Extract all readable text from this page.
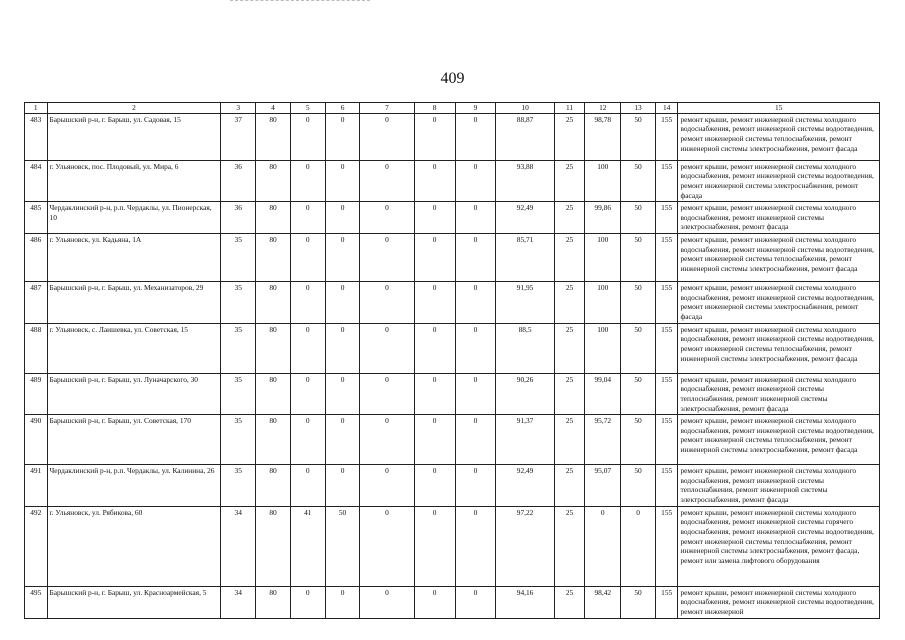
409
1	2	3	4	5	6	7	8	9	10	11	12	13	14	15
483	Барышский р-н, г. Барыш, ул. Садовая, 15	37	80	0	0	0	0	0	88,87	25	98,78	50	155	ремонт крыши, ремонт инженерной системы холодного водоснабжения, ремонт инженерной системы водоотведения, ремонт инженерной системы теплоснабжения, ремонт инженерной системы электроснабжения, ремонт фасада
484	г. Ульяновск, пос. Плодовый, ул. Мира, 6	36	80	0	0	0	0	0	93,88	25	100	50	155	ремонт крыши, ремонт инженерной системы холодного водоснабжения, ремонт инженерной системы водоотведения, ремонт инженерной системы электроснабжения, ремонт фасада
485	Чердаклинский р-н, р.п. Чердаклы, ул. Пионерская, 10	36	80	0	0	0	0	0	92,49	25	99,86	50	155	ремонт крыши, ремонт инженерной системы холодного водоснабжения, ремонт инженерной системы электроснабжения, ремонт фасада
486	г. Ульяновск, ул. Кадьяна, 1А	35	80	0	0	0	0	0	85,71	25	100	50	155	ремонт крыши, ремонт инженерной системы холодного водоснабжения, ремонт инженерной системы водоотведения, ремонт инженерной системы теплоснабжения, ремонт инженерной системы электроснабжения, ремонт фасада
487	Барышский р-н, г. Барыш, ул. Механизаторов, 29	35	80	0	0	0	0	0	91,95	25	100	50	155	ремонт крыши, ремонт инженерной системы холодного водоснабжения, ремонт инженерной системы водоотведения, ремонт инженерной системы электроснабжения, ремонт фасада
488	г. Ульяновск, с. Лаишевка, ул. Советская, 15	35	80	0	0	0	0	0	88,5	25	100	50	155	ремонт крыши, ремонт инженерной системы холодного водоснабжения, ремонт инженерной системы водоотведения, ремонт инженерной системы теплоснабжения, ремонт инженерной системы электроснабжения, ремонт фасада
489	Барышский р-н, г. Барыш, ул. Луначарского, 30	35	80	0	0	0	0	0	90,26	25	99,04	50	155	ремонт крыши, ремонт инженерной системы холодного водоснабжения, ремонт инженерной системы теплоснабжения, ремонт инженерной системы электроснабжения, ремонт фасада
490	Барышский р-н, г. Барыш, ул. Советская, 170	35	80	0	0	0	0	0	91,37	25	95,72	50	155	ремонт крыши, ремонт инженерной системы холодного водоснабжения, ремонт инженерной системы водоотведения, ремонт инженерной системы теплоснабжения, ремонт инженерной системы электроснабжения, ремонт фасада
491	Чердаклинский р-н, р.п. Чердаклы, ул. Калинина, 26	35	80	0	0	0	0	0	92,49	25	95,07	50	155	ремонт крыши, ремонт инженерной системы холодного водоснабжения, ремонт инженерной системы теплоснабжения, ремонт инженерной системы электроснабжения, ремонт фасада
492	г. Ульяновск, ул. Рябикова, 60	34	80	41	50	0	0	0	97,22	25	0	0	155	ремонт крыши, ремонт инженерной системы холодного водоснабжения, ремонт инженерной системы горячего водоснабжения, ремонт инженерной системы водоотведения, ремонт инженерной системы теплоснабжения, ремонт инженерной системы электроснабжения, ремонт фасада, ремонт или замена лифтового оборудования
495	Барышский р-н, г. Барыш, ул. Красноармейская, 5	34	80	0	0	0	0	0	94,16	25	98,42	50	155	ремонт крыши, ремонт инженерной системы холодного водоснабжения, ремонт инженерной системы водоотведения, ремонт инженерной
